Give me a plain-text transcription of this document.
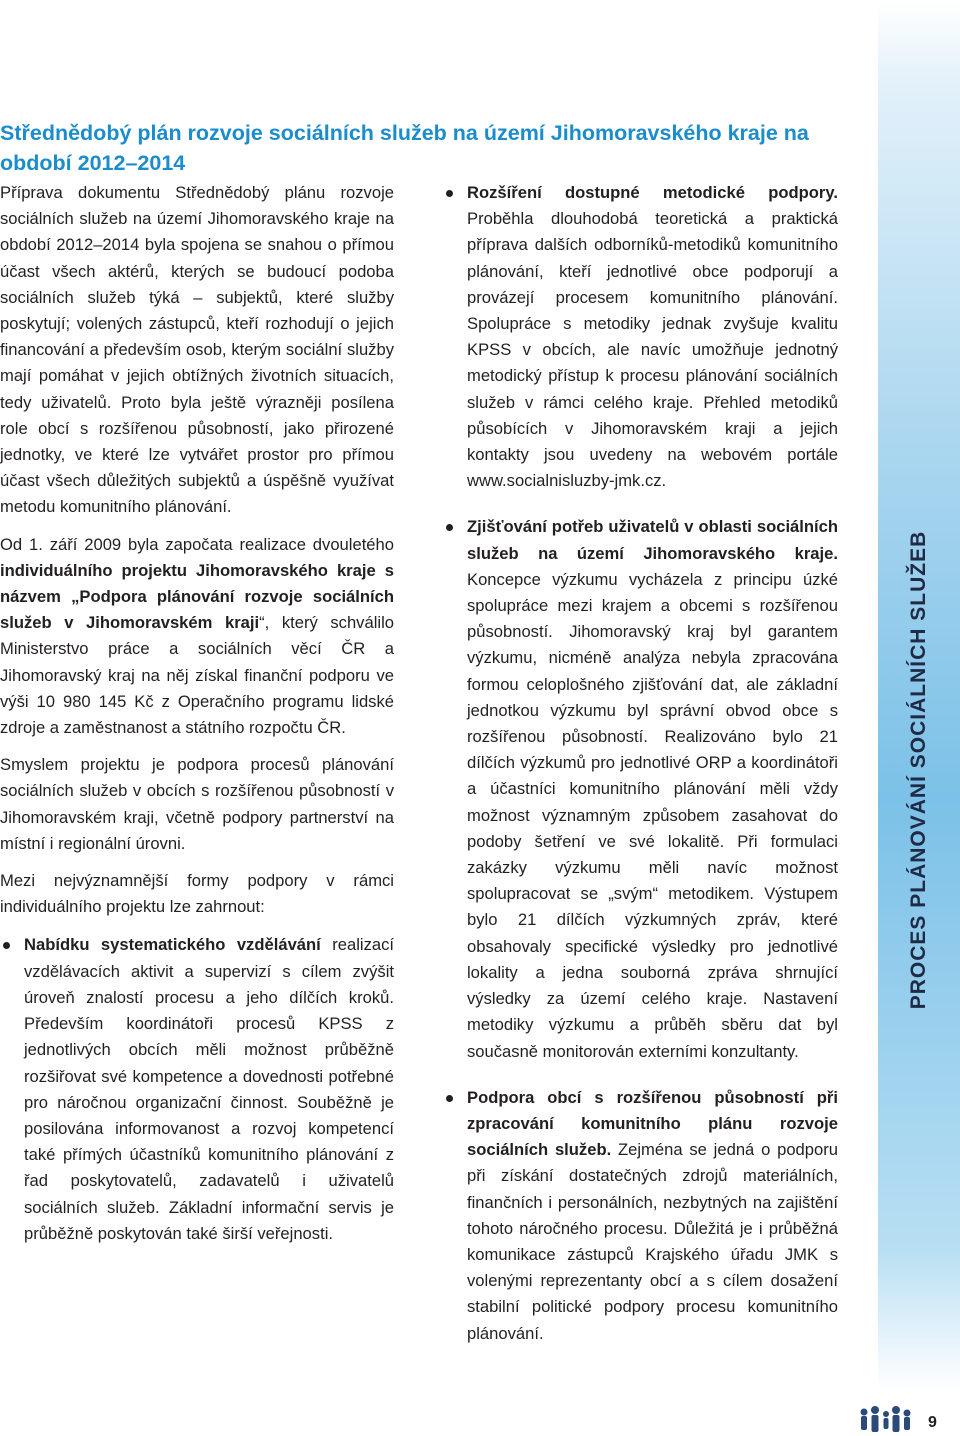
Střednědobý plán rozvoje sociálních služeb na území Jihomoravského kraje na období 2012–2014

Příprava dokumentu Střednědobý plánu rozvoje sociálních služeb na území Jihomoravského kraje na období 2012–2014 byla spojena se snahou o přímou účast všech aktérů, kterých se budoucí podoba sociálních služeb týká – subjektů, které služby poskytují; volených zástupců, kteří rozhodují o jejich financování a především osob, kterým sociální služby mají pomáhat v jejich obtížných životních situacích, tedy uživatelů. Proto byla ještě výrazněji posílena role obcí s rozšířenou působností, jako přirozené jednotky, ve které lze vytvářet prostor pro přímou účast všech důležitých subjektů a úspěšně využívat metodu komunitního plánování.

Od 1. září 2009 byla započata realizace dvouletého individuálního projektu Jihomoravského kraje s názvem „Podpora plánování rozvoje sociálních služeb v Jihomoravském kraji“, který schválilo Ministerstvo práce a sociálních věcí ČR a Jihomoravský kraj na něj získal finanční podporu ve výši 10 980 145 Kč z Operačního programu lidské zdroje a zaměstnanost a státního rozpočtu ČR.

Smyslem projektu je podpora procesů plánování sociálních služeb v obcích s rozšířenou působností v Jihomoravském kraji, včetně podpory partnerství na místní i regionální úrovni.

Mezi nejvýznamnější formy podpory v rámci individuálního projektu lze zahrnout:

Nabídku systematického vzdělávání realizací vzdělávacích aktivit a supervizí s cílem zvýšit úroveň znalostí procesu a jeho dílčích kroků. Především koordinátoři procesů KPSS z jednotlivých obcích měli možnost průběžně rozšiřovat své kompetence a dovednosti potřebné pro náročnou organizační činnost. Souběžně je posilována informovanost a rozvoj kompetencí také přímých účastníků komunitního plánování z řad poskytovatelů, zadavatelů i uživatelů sociálních služeb. Základní informační servis je průběžně poskytován také širší veřejnosti.
Rozšíření dostupné metodické podpory. Proběhla dlouhodobá teoretická a praktická příprava dalších odborníků-metodiků komunitního plánování, kteří jednotlivé obce podporují a provázejí procesem komunitního plánování. Spolupráce s metodiky jednak zvyšuje kvalitu KPSS v obcích, ale navíc umožňuje jednotný metodický přístup k procesu plánování sociálních služeb v rámci celého kraje. Přehled metodiků působících v Jihomoravském kraji a jejich kontakty jsou uvedeny na webovém portále www.socialnisluzby-jmk.cz.
Zjišťování potřeb uživatelů v oblasti sociálních služeb na území Jihomoravského kraje. Koncepce výzkumu vycházela z principu úzké spolupráce mezi krajem a obcemi s rozšířenou působností. Jihomoravský kraj byl garantem výzkumu, nicméně analýza nebyla zpracována formou celoplošného zjišťování dat, ale základní jednotkou výzkumu byl správní obvod obce s rozšířenou působností. Realizováno bylo 21 dílčích výzkumů pro jednotlivé ORP a koordinátoři a účastníci komunitního plánování měli vždy možnost významným způsobem zasahovat do podoby šetření ve své lokalitě. Při formulaci zakázky výzkumu měli navíc možnost spolupracovat se „svým“ metodikem. Výstupem bylo 21 dílčích výzkumných zpráv, které obsahovaly specifické výsledky pro jednotlivé lokality a jedna souborná zpráva shrnující výsledky za území celého kraje. Nastavení metodiky výzkumu a průběh sběru dat byl současně monitorován externími konzultanty.
Podpora obcí s rozšířenou působností při zpracování komunitního plánu rozvoje sociálních služeb. Zejména se jedná o podporu při získání dostatečných zdrojů materiálních, finančních i personálních, nezbytných na zajištění tohoto náročného procesu. Důležitá je i průběžná komunikace zástupců Krajského úřadu JMK s volenými reprezentanty obcí a s cílem dosažení stabilní politické podpory procesu komunitního plánování.
PROCES PLÁNOVÁNÍ SOCIÁLNÍCH SLUŽEB
9
